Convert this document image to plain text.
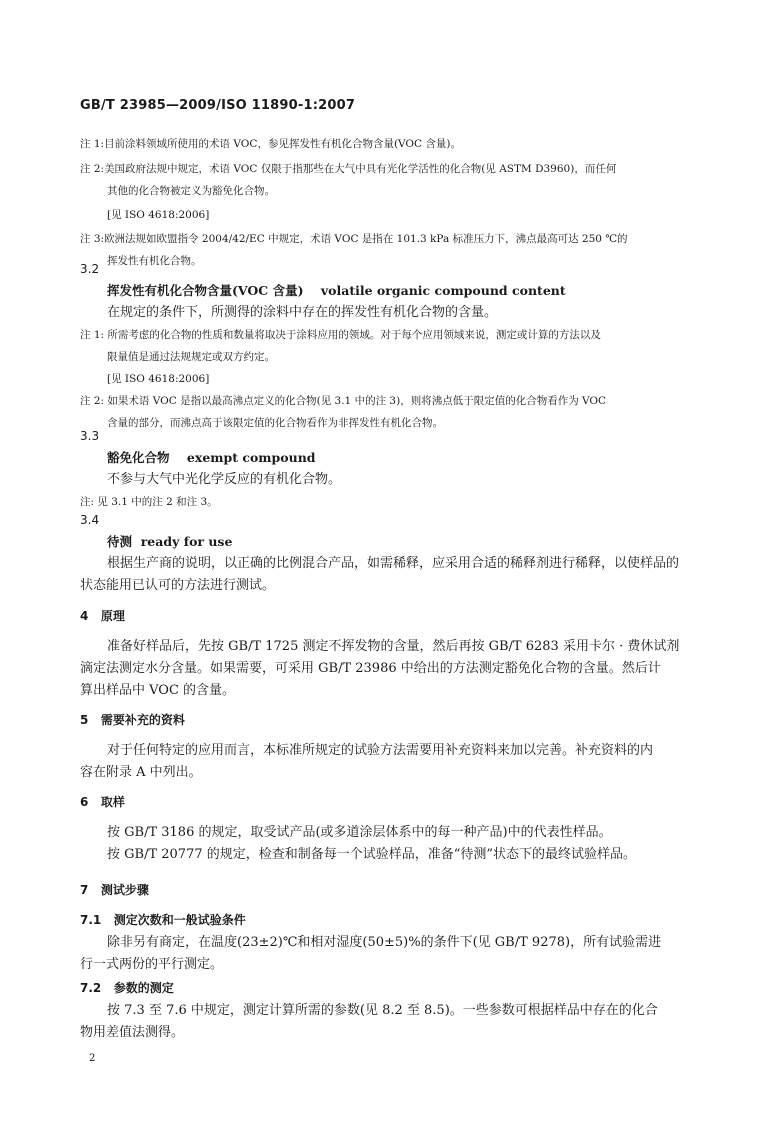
GB/T 23985—2009/ISO 11890-1:2007

注 1:目前涂料领域所使用的术语 VOC，参见挥发性有机化合物含量(VOC 含量)。

注 2:美国政府法规中规定，术语 VOC 仅限于指那些在大气中具有光化学活性的化合物(见 ASTM D3960)，而任何

其他的化合物被定义为豁免化合物。

[见 ISO 4618:2006]

注 3:欧洲法规如欧盟指令 2004/42/EC 中规定，术语 VOC 是指在 101.3 kPa 标准压力下，沸点最高可达 250 ℃的

挥发性有机化合物。

3.2

挥发性有机化合物含量(VOC 含量)    volatile organic compound content

在规定的条件下，所测得的涂料中存在的挥发性有机化合物的含量。

注 1: 所需考虑的化合物的性质和数量将取决于涂料应用的领域。对于每个应用领域来说，测定或计算的方法以及

限量值是通过法规规定或双方约定。

[见 ISO 4618:2006]

注 2: 如果术语 VOC 是指以最高沸点定义的化合物(见 3.1 中的注 3)，则将沸点低于限定值的化合物看作为 VOC

含量的部分，而沸点高于该限定值的化合物看作为非挥发性有机化合物。

3.3

豁免化合物    exempt compound

不参与大气中光化学反应的有机化合物。

注: 见 3.1 中的注 2 和注 3。

3.4

待测  ready for use

根据生产商的说明，以正确的比例混合产品，如需稀释，应采用合适的稀释剂进行稀释，以使样品的

状态能用已认可的方法进行测试。

4   原理

准备好样品后，先按 GB/T 1725 测定不挥发物的含量，然后再按 GB/T 6283 采用卡尔 · 费休试剂

滴定法测定水分含量。如果需要，可采用 GB/T 23986 中给出的方法测定豁免化合物的含量。然后计

算出样品中 VOC 的含量。

5   需要补充的资料

对于任何特定的应用而言，本标准所规定的试验方法需要用补充资料来加以完善。补充资料的内

容在附录 A 中列出。

6   取样

按 GB/T 3186 的规定，取受试产品(或多道涂层体系中的每一种产品)中的代表性样品。

按 GB/T 20777 的规定，检查和制备每一个试验样品，准备“待测”状态下的最终试验样品。

7   测试步骤

7.1   测定次数和一般试验条件

除非另有商定，在温度(23±2)℃和相对湿度(50±5)%的条件下(见 GB/T 9278)，所有试验需进

行一式两份的平行测定。

7.2   参数的测定

按 7.3 至 7.6 中规定，测定计算所需的参数(见 8.2 至 8.5)。一些参数可根据样品中存在的化合

物用差值法测得。

2
